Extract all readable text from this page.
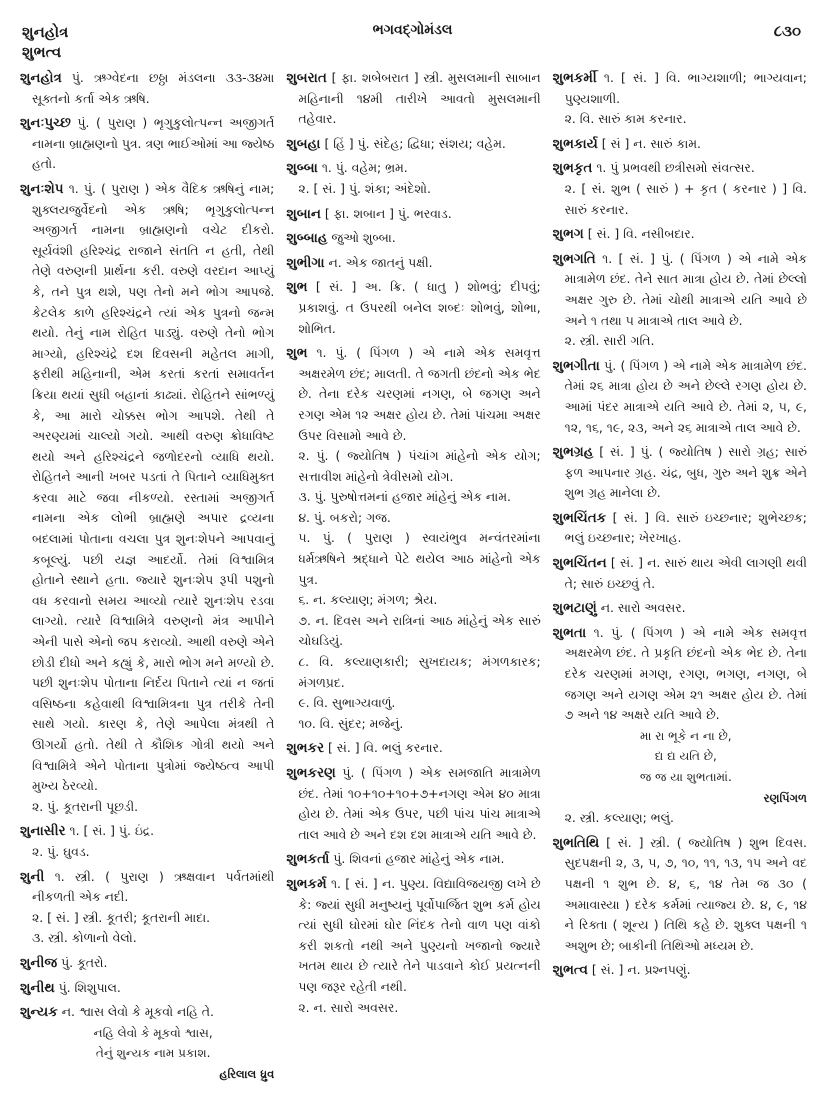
શુનહોત્ર
શુભત્વ
ભગવદ્ગોમંડલ	૮૩૦
શુનહોત્ર પું. ઋગ્વેદના છઠ્ઠા મંડલના ૩૩-૩૪મા સૂક્તનો કર્તા એક ઋષિ.
શુનઃપુચ્છ પું. ( પુરાણ ) ભૃગુકુલોત્પન્ન અજીગર્ત નામના બ્રાહ્મણનો પુત્ર. ત્રણ ભાઈઓમાં આ જ્યેષ્ઠ હતો.
શુનઃશેપ ૧. પું. ( પુરાણ ) એક વૈદિક ઋષિનું નામ; શુક્લયજુર્વેદનો એક ઋષિ; ભૃગુકુલોત્પન્ન અજીગર્ત નામના બ્રાહ્મણનો વચેટ દીકરો. સૂર્યવંશી હરિશ્ચંદ્ર રાજાને સંતતિ ન હતી, તેથી તેણે વરુણની પ્રાર્થના કરી. વરુણે વરદાન આપ્યું કે, તને પુત્ર થશે, પણ તેનો મને ભોગ આપજે. કેટલેક કાળે હરિશ્ચંદ્રને ત્યાં એક પુત્રનો જન્મ થયો. તેનું નામ રોહિત પાડ્યું. વરુણે તેનો ભોગ માગ્યો, હરિશ્ચંદ્રે દશ દિવસની મહેતલ માગી, ફરીથી મહિનાની, એમ કરતાં કરતાં સમાવર્તન ક્રિયા થયાં સુધી બહાનાં કાઢ્યાં. રોહિતને સાંભળ્યું કે, આ મારો ચોક્કસ ભોગ આપશે. તેથી તે અરણ્યમાં ચાલ્યો ગયો. આથી વરુણ ક્રોધાવિષ્ટ થયો અને હરિશ્ચંદ્રને જળોદરનો વ્યાધિ થયો. રોહિતને આની ખબર પડતાં તે પિતાને વ્યાધિમુક્ત કરવા માટે જવા નીકળ્યો. રસ્તામાં અજીગર્ત નામના એક લોભી બ્રાહ્મણે અપાર દ્રવ્યના બદલામાં પોતાના વચલા પુત્ર શુનઃશેપને આપવાનું કબૂલ્યું. પછી યજ્ઞ આદર્યો. તેમાં વિશ્વામિત્ર હોતાને સ્થાને હતા. જ્યારે શુનઃશેપ રૂપી પશુનો વધ કરવાનો સમય આવ્યો ત્યારે શુનઃશેપ રડવા લાગ્યો. ત્યારે વિશ્વામિત્રે વરુણનો મંત્ર આપીને એની પાસે એનો જપ કરાવ્યો. આથી વરુણે એને છોડી દીધો અને કહ્યું કે, મારો ભોગ મને મળ્યો છે. પછી શુનઃશેપ પોતાના નિર્દય પિતાને ત્યાં ન જતાં વસિષ્ઠના કહેવાથી વિશ્વામિત્રના પુત્ર તરીકે તેની સાથે ગયો. કારણ કે, તેણે આપેલા મંત્રથી તે ઊગર્યો હતો. તેથી તે કૌશિક ગોત્રી થયો અને વિશ્વામિત્રે એને પોતાના પુત્રોમાં જ્યેષ્ઠત્વ આપી મુખ્ય ઠેરવ્યો.
૨. પું. કૂતરાની પૂછડી.
શુનાસીર ૧. [ સં. ] પું. ઇંદ્ર.
૨. પું. ઘુવડ.
શુની ૧. સ્ત્રી. ( પુરાણ ) ઋક્ષવાન પર્વતમાંથી નીકળતી એક નદી.
૨. [ સં. ] સ્ત્રી. કૂતરી; કૂતરાની માદા.
૩. સ્ત્રી. કોળાનો વેલો.
શુનીજ પું. કૂતરો.
શુનીથ પું. શિશુપાલ.
શુન્યક ન. શ્વાસ લેવો કે મૂકવો નહિ તે.
નહિ લેવો કે મૂકવો શ્વાસ,
તેનું શુન્યક નામ પ્રકાશ.
હરિલાલ ધ્રુવ
શુબરાત [ ફા. શબેબરાત ] સ્ત્રી. મુસલમાની સાબાન મહિનાની ૧૪મી તારીખે આવતો મુસલમાની તહેવાર.
શુબહા [ હિં ] પું. સંદેહ; દ્વિધા; સંશય; વહેમ.
શુબ્બા ૧. પું. વહેમ; ભ્રમ.
૨. [ સં. ] પું. શંકા; અંદેશો.
શુબાન [ ફા. શબાન ] પું. ભરવાડ.
શુબ્બાહ જુઓ શુબ્બા.
શુભીગા ન. એક જાતનું પક્ષી.
શુભ [ સં. ] અ. ક્રિ. ( ધાતુ ) શોભવું; દીપવું; પ્રકાશવું. ત ઉપરથી બનેલ શબ્દઃ શોભવું, શોભા, શોભિત.
શુભ ૧. પું. ( પિંગળ ) એ નામે એક સમવૃત્ત અક્ષરમેળ છંદ; માલતી. તે જગતી છંદનો એક ભેદ છે. તેના દરેક ચરણમાં નગણ, બે જગણ અને રગણ એમ ૧૨ અક્ષર હોય છે. તેમાં પાંચમા અક્ષર ઉપર વિસામો આવે છે.
૨. પું. ( જ્યોતિષ ) પંચાંગ માંહેનો એક યોગ; સત્તાવીશ માંહેનો ત્રેવીસમો યોગ.
૩. પું. પુરુષોત્તમનાં હજાર માંહેનું એક નામ.
૪. પું. બકરો; ગજ.
૫. પું. ( પુરાણ ) સ્વાયંભુવ મન્વંતરમાંના ધર્મઋષિને શ્રદ્ધાને પેટે થયેલ આઠ માંહેનો એક પુત્ર.
૬. ન. કલ્યાણ; મંગળ; શ્રેય.
૭. ન. દિવસ અને રાત્રિનાં આઠ માંહેનું એક સારું ચોઘડિયું.
૮. વિ. કલ્યાણકારી; સુખદાયક; મંગળકારક; મંગળપ્રદ.
૯. વિ. સુભાગ્યવાળું.
૧૦. વિ. સુંદર; મજેનું.
શુભકર [ સં. ] વિ. ભલું કરનાર.
શુભકરણ પું. ( પિંગળ ) એક સમજાતિ માત્રામેળ છંદ. તેમાં ૧૦+૧૦+૧૦+૭+નગણ એમ ૪૦ માત્રા હોય છે. તેમાં એક ઉપર, પછી પાંચ પાંચ માત્રાએ તાલ આવે છે અને દશ દશ માત્રાએ યતિ આવે છે.
શુભકર્તા પું. શિવનાં હજાર માંહેનું એક નામ.
શુભકર્મ ૧. [ સં. ] ન. પુણ્ય. વિદ્યાવિજયજી લખે છે કે: જ્યાં સુધી મનુષ્યનું પૂર્વોપાર્જિત શુભ કર્મ હોય ત્યાં સુધી ઘોરમાં ઘોર નિંદક તેનો વાળ પણ વાંકો કરી શકતો નથી અને પુણ્યનો ખજાનો જ્યારે ખતમ થાય છે ત્યારે તેને પાડવાને કોઈ પ્રયત્નની પણ જરૂર રહેતી નથી.
૨. ન. સારો અવસર.
શુભકર્મી ૧. [ સં. ] વિ. ભાગ્યશાળી; ભાગ્યવાન; પુણ્યશાળી.
૨. વિ. સારું કામ કરનાર.
શુભકાર્ય [ સં ] ન. સારું કામ.
શુભકૃત ૧. પું પ્રભવથી છત્રીસમો સંવત્સર.
૨. [ સં. શુભ ( સારું ) + કૃત ( કરનાર ) ] વિ. સારું કરનાર.
શુભગ [ સં. ] વિ. નસીબદાર.
શુભગતિ ૧. [ સં. ] પું. ( પિંગળ ) એ નામે એક માત્રામેળ છંદ. તેને સાત માત્રા હોય છે. તેમાં છેલ્લો અક્ષર ગુરુ છે. તેમાં ચોથી માત્રાએ યતિ આવે છે અને ૧ તથા ૫ માત્રાએ તાલ આવે છે.
૨. સ્ત્રી. સારી ગતિ.
શુભગીતા પું. ( પિંગળ ) એ નામે એક માત્રામેળ છંદ. તેમાં ૨૬ માત્રા હોય છે અને છેલ્લે રગણ હોય છે. આમાં પંદર માત્રાએ યતિ આવે છે. તેમાં ૨, ૫, ૯, ૧૨, ૧૬, ૧૯, ૨૩, અને ૨૬ માત્રાએ તાલ આવે છે.
શુભગ્રહ [ સં. ] પું. ( જ્યોતિષ ) સારો ગ્રહ; સારું ફળ આપનાર ગ્રહ. ચંદ્ર, બુધ, ગુરુ અને શુક્ર એને શુભ ગ્રહ માનેલા છે.
શુભચિંતક [ સં. ] વિ. સારું ઇચ્છનાર; શુભેચ્છક; ભલું ઇચ્છનાર; ખેરખાહ.
શુભચિંતન [ સં. ] ન. સારું થાય એવી લાગણી થવી તે; સારું ઇચ્છવું તે.
શુભટાણું ન. સારો અવસર.
શુભતા ૧. પું. ( પિંગળ ) એ નામે એક સમવૃત્ત અક્ષરમેળ છંદ. તે પ્રકૃતિ છંદનો એક ભેદ છે. તેના દરેક ચરણમાં મગણ, રગણ, ભગણ, નગણ, બે જગણ અને યગણ એમ ૨૧ અક્ષર હોય છે. તેમાં ૭ અને ૧૪ અક્ષરે યતિ આવે છે.
મા રા ભૂકે ન ના છે,
દ્ય દ્ય યતિ છે,
જ જ યા શુભતામાં.
રણપિંગળ
૨. સ્ત્રી. કલ્યાણ; ભલું.
શુભતિથિ [ સં. ] સ્ત્રી. ( જ્યોતિષ ) શુભ દિવસ. સુદપક્ષની ૨, ૩, ૫, ૭, ૧૦, ૧૧, ૧૩, ૧૫ અને વદ પક્ષની ૧ શુભ છે. ૪, ૬, ૧૪ તેમ જ ૩૦ ( અમાવાસ્યા ) દરેક કર્મમાં ત્યાજ્ય છે. ૪, ૯, ૧૪ ને રિક્તા ( શૂન્ય ) તિથિ કહે છે. શુક્લ પક્ષની ૧ અશુભ છે; બાકીની તિથિઓ મધ્યમ છે.
શુભત્વ [ સં. ] ન. પ્રશ્નપણું.
